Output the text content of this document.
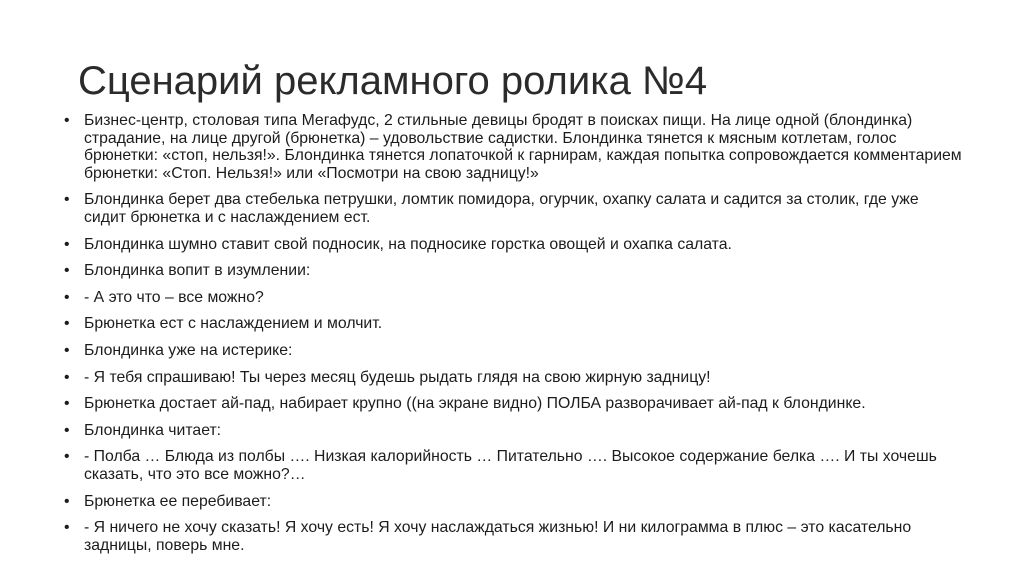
Сценарий рекламного ролика №4
• Бизнес-центр, столовая типа Мегафудс, 2 стильные девицы бродят в поисках пищи. На лице одной (блондинка) страдание, на лице другой (брюнетка) – удовольствие садистки. Блондинка тянется к мясным котлетам, голос брюнетки: «стоп, нельзя!». Блондинка тянется лопаточкой к гарнирам, каждая попытка сопровождается комментарием брюнетки: «Стоп. Нельзя!» или «Посмотри на свою задницу!»
• Блондинка берет два стебелька петрушки, ломтик помидора, огурчик, охапку салата и садится за столик, где уже сидит брюнетка и с наслаждением ест.
• Блондинка шумно ставит свой подносик, на подносике горстка овощей и охапка салата.
• Блондинка вопит в изумлении:
• - А это что – все можно?
• Брюнетка ест с наслаждением и молчит.
• Блондинка уже на истерике:
• - Я тебя спрашиваю! Ты через месяц будешь рыдать глядя на свою жирную задницу!
• Брюнетка достает ай-пад, набирает крупно ((на экране видно) ПОЛБА разворачивает ай-пад к блондинке.
• Блондинка читает:
• - Полба … Блюда из полбы …. Низкая калорийность … Питательно …. Высокое содержание белка …. И ты хочешь сказать, что это все можно?…
• Брюнетка ее перебивает:
• - Я ничего не хочу сказать! Я хочу есть! Я хочу наслаждаться жизнью! И ни килограмма в плюс – это касательно задницы, поверь мне.
